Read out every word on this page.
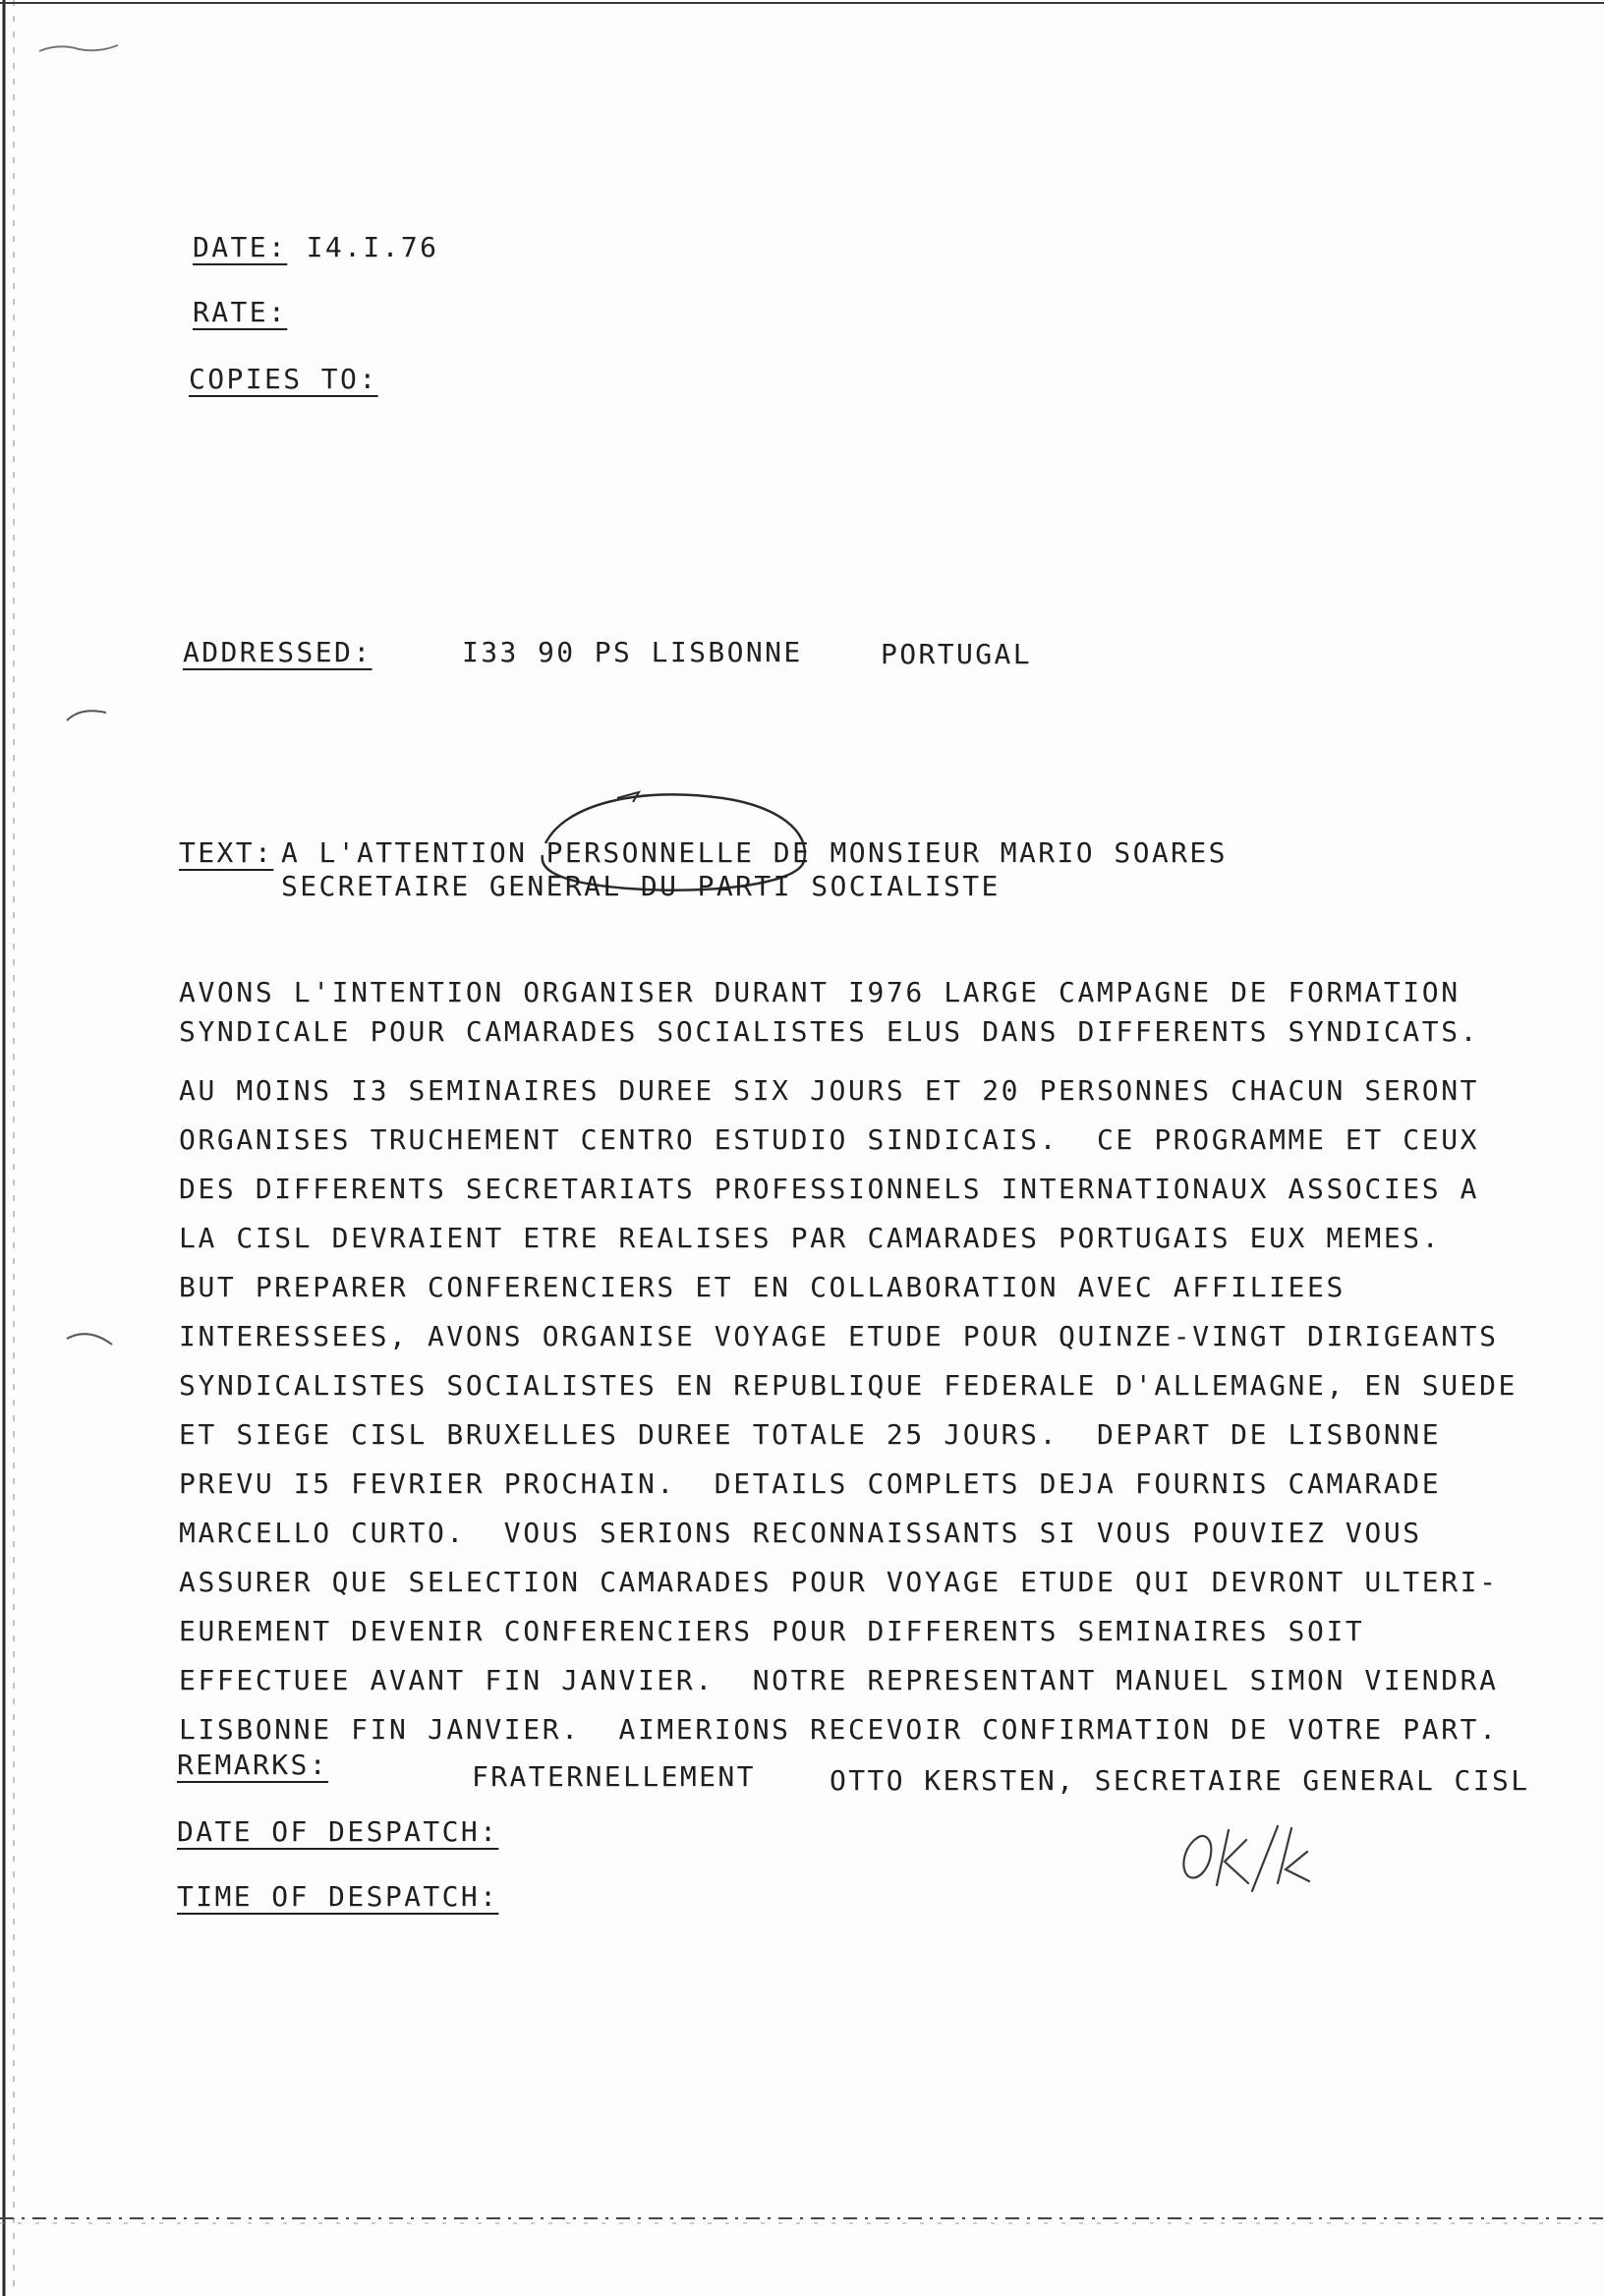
DATE: I4.I.76
RATE:
COPIES TO:
ADDRESSED:	I33 90 PS LISBONNE	PORTUGAL
TEXT: A L'ATTENTION PERSONNELLE DE MONSIEUR MARIO SOARES
SECRETAIRE GENERAL DU PARTI SOCIALISTE
AVONS L'INTENTION ORGANISER DURANT I976 LARGE CAMPAGNE DE FORMATION
SYNDICALE POUR CAMARADES SOCIALISTES ELUS DANS DIFFERENTS SYNDICATS.
AU MOINS I3 SEMINAIRES DUREE SIX JOURS ET 20 PERSONNES CHACUN SERONT
ORGANISES TRUCHEMENT CENTRO ESTUDIO SINDICAIS.  CE PROGRAMME ET CEUX
DES DIFFERENTS SECRETARIATS PROFESSIONNELS INTERNATIONAUX ASSOCIES A
LA CISL DEVRAIENT ETRE REALISES PAR CAMARADES PORTUGAIS EUX MEMES.
BUT PREPARER CONFERENCIERS ET EN COLLABORATION AVEC AFFILIEES
INTERESSEES, AVONS ORGANISE VOYAGE ETUDE POUR QUINZE-VINGT DIRIGEANTS
SYNDICALISTES SOCIALISTES EN REPUBLIQUE FEDERALE D'ALLEMAGNE, EN SUEDE
ET SIEGE CISL BRUXELLES DUREE TOTALE 25 JOURS.  DEPART DE LISBONNE
PREVU I5 FEVRIER PROCHAIN.  DETAILS COMPLETS DEJA FOURNIS CAMARADE
MARCELLO CURTO.  VOUS SERIONS RECONNAISSANTS SI VOUS POUVIEZ VOUS
ASSURER QUE SELECTION CAMARADES POUR VOYAGE ETUDE QUI DEVRONT ULTERI-
EUREMENT DEVENIR CONFERENCIERS POUR DIFFERENTS SEMINAIRES SOIT
EFFECTUEE AVANT FIN JANVIER.  NOTRE REPRESENTANT MANUEL SIMON VIENDRA
LISBONNE FIN JANVIER.  AIMERIONS RECEVOIR CONFIRMATION DE VOTRE PART.
REMARKS:	FRATERNELLEMENT	OTTO KERSTEN, SECRETAIRE GENERAL CISL
DATE OF DESPATCH:
TIME OF DESPATCH:
